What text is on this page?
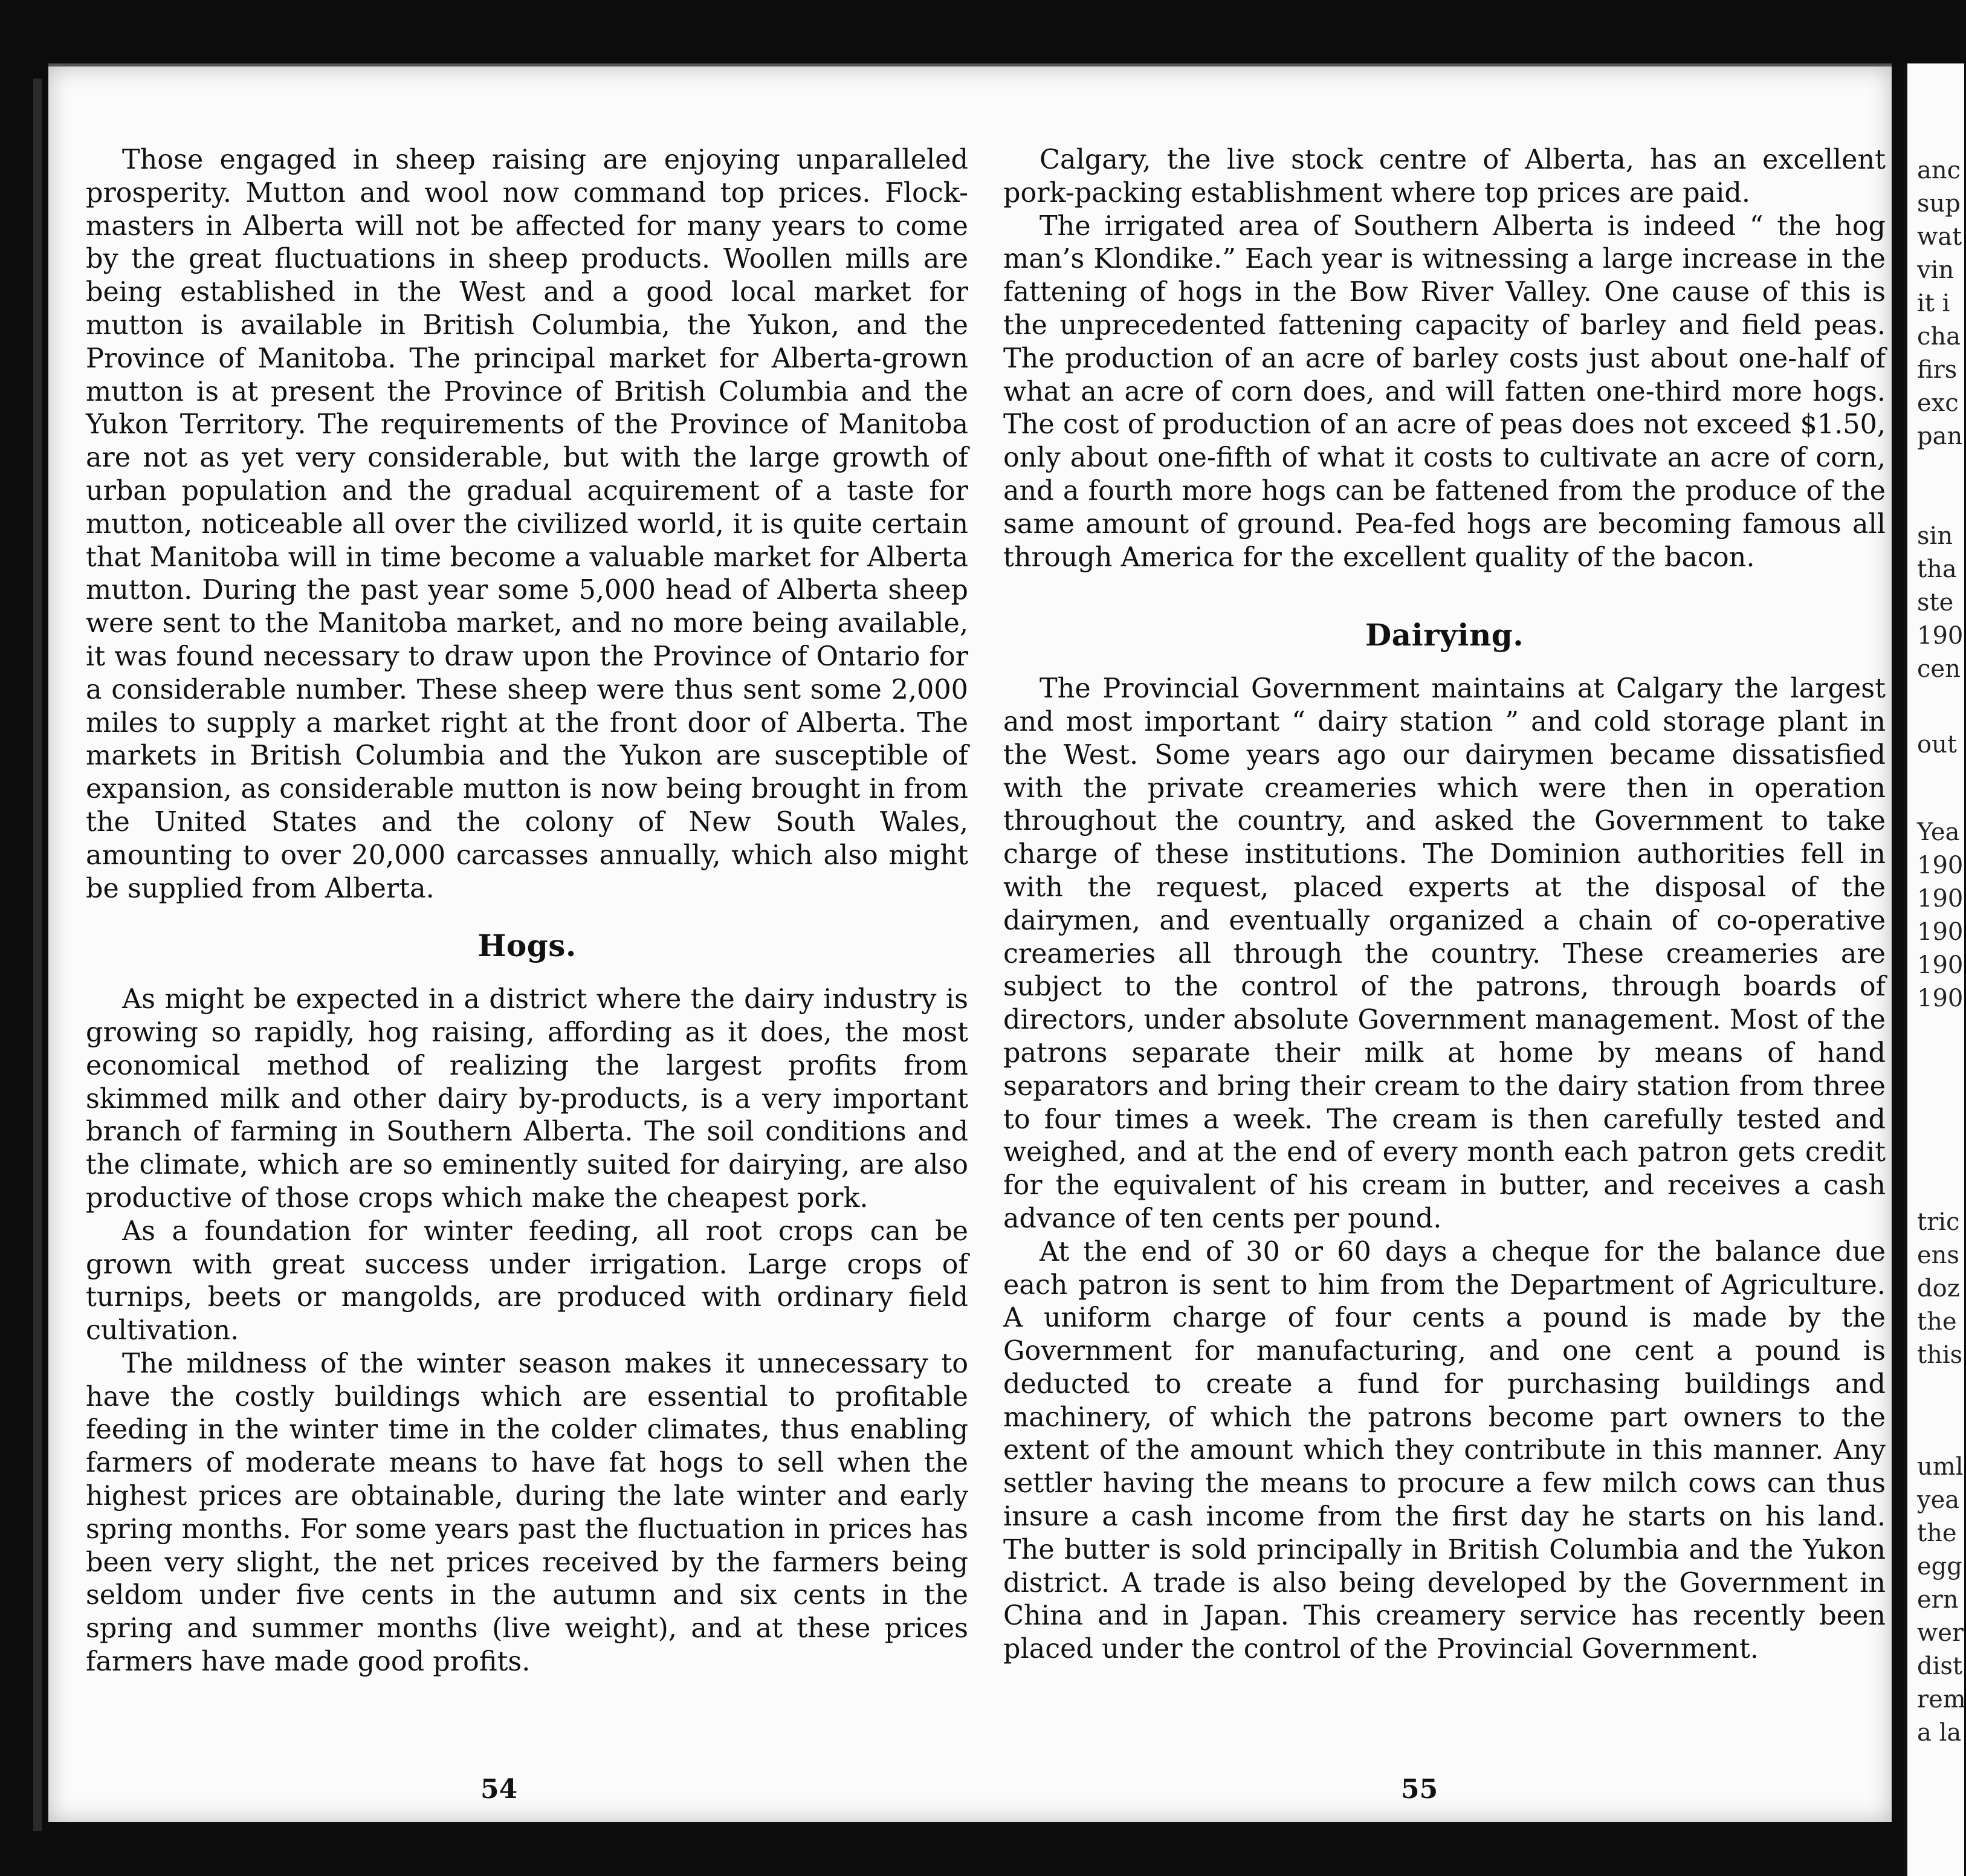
Those engaged in sheep raising are enjoying unparalleled prosperity. Mutton and wool now command top prices. Flock-masters in Alberta will not be affected for many years to come by the great fluctuations in sheep products. Woollen mills are being established in the West and a good local market for mutton is available in British Columbia, the Yukon, and the Province of Manitoba. The principal market for Alberta-grown mutton is at present the Province of British Columbia and the Yukon Territory. The requirements of the Province of Manitoba are not as yet very considerable, but with the large growth of urban population and the gradual acquirement of a taste for mutton, noticeable all over the civilized world, it is quite certain that Manitoba will in time become a valuable market for Alberta mutton. During the past year some 5,000 head of Alberta sheep were sent to the Manitoba market, and no more being available, it was found necessary to draw upon the Province of Ontario for a considerable number. These sheep were thus sent some 2,000 miles to supply a market right at the front door of Alberta. The markets in British Columbia and the Yukon are susceptible of expansion, as considerable mutton is now being brought in from the United States and the colony of New South Wales, amounting to over 20,000 carcasses annually, which also might be supplied from Alberta.

Hogs.

As might be expected in a district where the dairy industry is growing so rapidly, hog raising, affording as it does, the most economical method of realizing the largest profits from skimmed milk and other dairy by-products, is a very important branch of farming in Southern Alberta. The soil conditions and the climate, which are so eminently suited for dairying, are also productive of those crops which make the cheapest pork.

As a foundation for winter feeding, all root crops can be grown with great success under irrigation. Large crops of turnips, beets or mangolds, are produced with ordinary field cultivation.

The mildness of the winter season makes it unnecessary to have the costly buildings which are essential to profitable feeding in the winter time in the colder climates, thus enabling farmers of moderate means to have fat hogs to sell when the highest prices are obtainable, during the late winter and early spring months. For some years past the fluctuation in prices has been very slight, the net prices received by the farmers being seldom under five cents in the autumn and six cents in the spring and summer months (live weight), and at these prices farmers have made good profits.

Calgary, the live stock centre of Alberta, has an excellent pork-packing establishment where top prices are paid.

The irrigated area of Southern Alberta is indeed “ the hog man’s Klondike.” Each year is witnessing a large increase in the fattening of hogs in the Bow River Valley. One cause of this is the unprecedented fattening capacity of barley and field peas. The production of an acre of barley costs just about one-half of what an acre of corn does, and will fatten one-third more hogs. The cost of production of an acre of peas does not exceed $1.50, only about one-fifth of what it costs to cultivate an acre of corn, and a fourth more hogs can be fattened from the produce of the same amount of ground. Pea-fed hogs are becoming famous all through America for the excellent quality of the bacon.

Dairying.

The Provincial Government maintains at Calgary the largest and most important “ dairy station ” and cold storage plant in the West. Some years ago our dairymen became dissatisfied with the private creameries which were then in operation throughout the country, and asked the Government to take charge of these institutions. The Dominion authorities fell in with the request, placed experts at the disposal of the dairymen, and eventually organized a chain of co-operative creameries all through the country. These creameries are subject to the control of the patrons, through boards of directors, under absolute Government management. Most of the patrons separate their milk at home by means of hand separators and bring their cream to the dairy station from three to four times a week. The cream is then carefully tested and weighed, and at the end of every month each patron gets credit for the equivalent of his cream in butter, and receives a cash advance of ten cents per pound.

At the end of 30 or 60 days a cheque for the balance due each patron is sent to him from the Department of Agriculture. A uniform charge of four cents a pound is made by the Government for manufacturing, and one cent a pound is deducted to create a fund for purchasing buildings and machinery, of which the patrons become part owners to the extent of the amount which they contribute in this manner. Any settler having the means to procure a few milch cows can thus insure a cash income from the first day he starts on his land. The butter is sold principally in British Columbia and the Yukon district. A trade is also being developed by the Government in China and in Japan. This creamery service has recently been placed under the control of the Provincial Government.

54	55
anc
sup
wat
vin
it i
cha
firs
exc
pan
sin
tha
ste
190
cen
out
Yea
190
190
190
190
190
tric
ens
doz
the
this
uml
yea
the
egg
ern
wer
dist
rem
a la
